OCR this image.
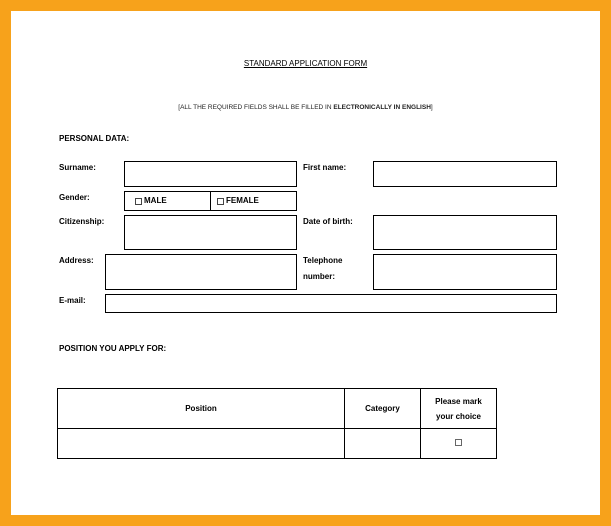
STANDARD APPLICATION FORM
[ALL THE REQUIRED FIELDS SHALL BE FILLED IN ELECTRONICALLY IN ENGLISH]
PERSONAL DATA:
Surname:	First name:
Gender:	MALE	FEMALE
Citizenship:	Date of birth:
Address:	Telephone
number:
E-mail:
POSITION YOU APPLY FOR:
Position	Category	Please mark
your choice
